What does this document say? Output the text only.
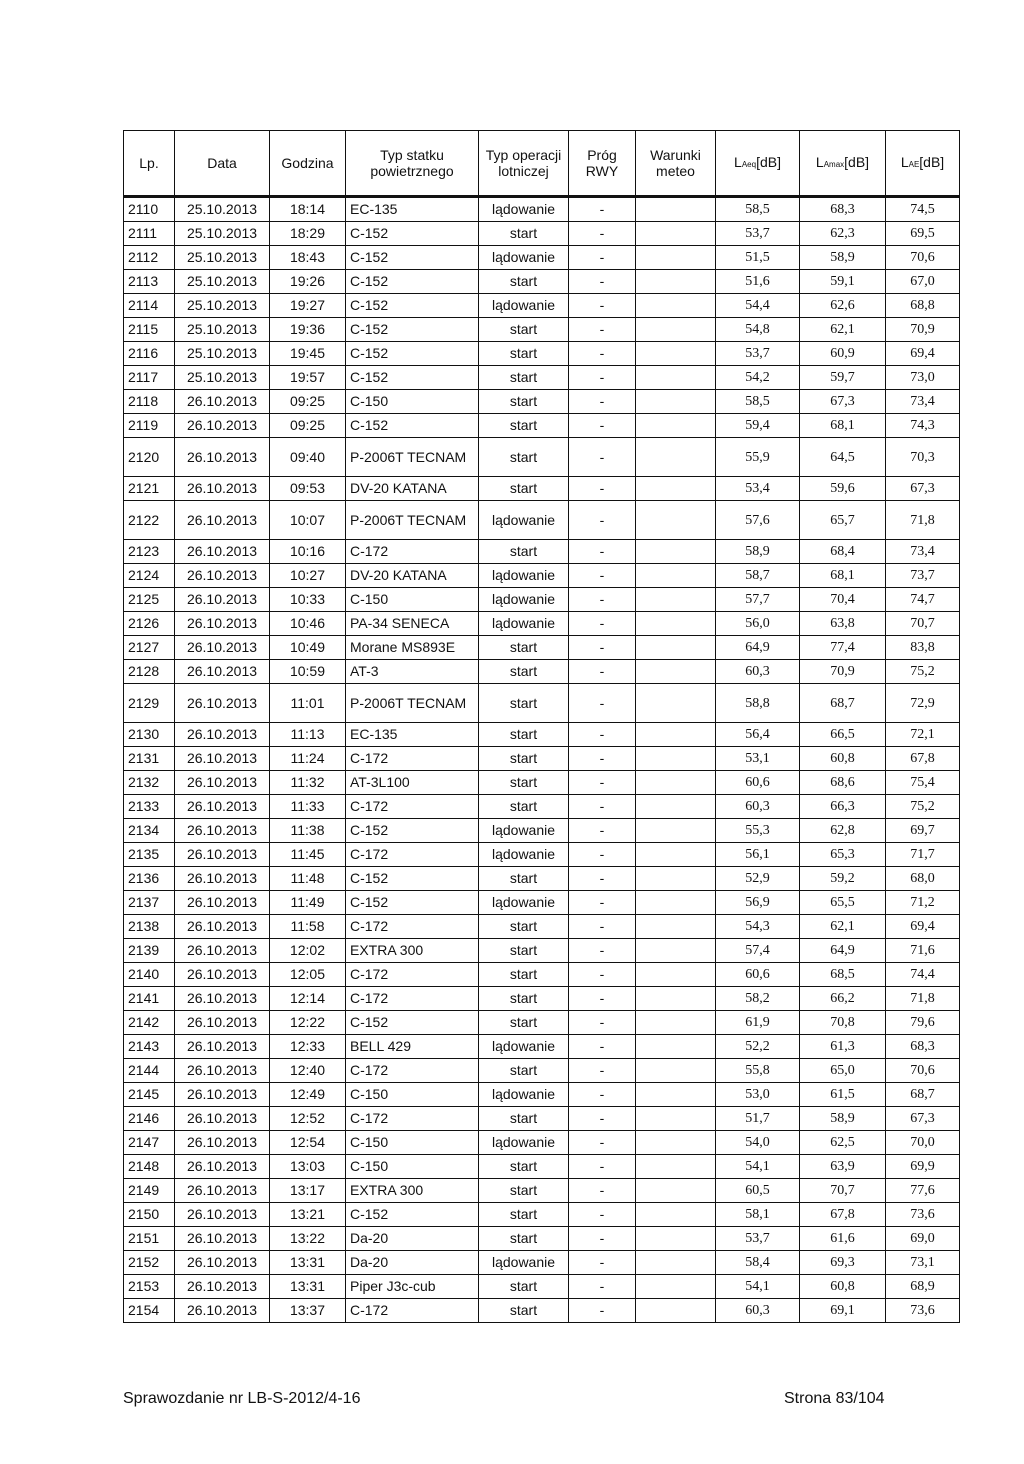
Lp.	Data	Godzina	Typ statku powietrznego	Typ operacji lotniczej	Próg RWY	Warunki meteo	LAeq[dB]	LAmax[dB]	LAE[dB]
2110	25.10.2013	18:14	EC-135	lądowanie	-		58,5	68,3	74,5
2111	25.10.2013	18:29	C-152	start	-		53,7	62,3	69,5
2112	25.10.2013	18:43	C-152	lądowanie	-		51,5	58,9	70,6
2113	25.10.2013	19:26	C-152	start	-		51,6	59,1	67,0
2114	25.10.2013	19:27	C-152	lądowanie	-		54,4	62,6	68,8
2115	25.10.2013	19:36	C-152	start	-		54,8	62,1	70,9
2116	25.10.2013	19:45	C-152	start	-		53,7	60,9	69,4
2117	25.10.2013	19:57	C-152	start	-		54,2	59,7	73,0
2118	26.10.2013	09:25	C-150	start	-		58,5	67,3	73,4
2119	26.10.2013	09:25	C-152	start	-		59,4	68,1	74,3
2120	26.10.2013	09:40	P-2006T TECNAM	start	-		55,9	64,5	70,3
2121	26.10.2013	09:53	DV-20 KATANA	start	-		53,4	59,6	67,3
2122	26.10.2013	10:07	P-2006T TECNAM	lądowanie	-		57,6	65,7	71,8
2123	26.10.2013	10:16	C-172	start	-		58,9	68,4	73,4
2124	26.10.2013	10:27	DV-20 KATANA	lądowanie	-		58,7	68,1	73,7
2125	26.10.2013	10:33	C-150	lądowanie	-		57,7	70,4	74,7
2126	26.10.2013	10:46	PA-34 SENECA	lądowanie	-		56,0	63,8	70,7
2127	26.10.2013	10:49	Morane MS893E	start	-		64,9	77,4	83,8
2128	26.10.2013	10:59	AT-3	start	-		60,3	70,9	75,2
2129	26.10.2013	11:01	P-2006T TECNAM	start	-		58,8	68,7	72,9
2130	26.10.2013	11:13	EC-135	start	-		56,4	66,5	72,1
2131	26.10.2013	11:24	C-172	start	-		53,1	60,8	67,8
2132	26.10.2013	11:32	AT-3L100	start	-		60,6	68,6	75,4
2133	26.10.2013	11:33	C-172	start	-		60,3	66,3	75,2
2134	26.10.2013	11:38	C-152	lądowanie	-		55,3	62,8	69,7
2135	26.10.2013	11:45	C-172	lądowanie	-		56,1	65,3	71,7
2136	26.10.2013	11:48	C-152	start	-		52,9	59,2	68,0
2137	26.10.2013	11:49	C-152	lądowanie	-		56,9	65,5	71,2
2138	26.10.2013	11:58	C-172	start	-		54,3	62,1	69,4
2139	26.10.2013	12:02	EXTRA 300	start	-		57,4	64,9	71,6
2140	26.10.2013	12:05	C-172	start	-		60,6	68,5	74,4
2141	26.10.2013	12:14	C-172	start	-		58,2	66,2	71,8
2142	26.10.2013	12:22	C-152	start	-		61,9	70,8	79,6
2143	26.10.2013	12:33	BELL 429	lądowanie	-		52,2	61,3	68,3
2144	26.10.2013	12:40	C-172	start	-		55,8	65,0	70,6
2145	26.10.2013	12:49	C-150	lądowanie	-		53,0	61,5	68,7
2146	26.10.2013	12:52	C-172	start	-		51,7	58,9	67,3
2147	26.10.2013	12:54	C-150	lądowanie	-		54,0	62,5	70,0
2148	26.10.2013	13:03	C-150	start	-		54,1	63,9	69,9
2149	26.10.2013	13:17	EXTRA 300	start	-		60,5	70,7	77,6
2150	26.10.2013	13:21	C-152	start	-		58,1	67,8	73,6
2151	26.10.2013	13:22	Da-20	start	-		53,7	61,6	69,0
2152	26.10.2013	13:31	Da-20	lądowanie	-		58,4	69,3	73,1
2153	26.10.2013	13:31	Piper J3c-cub	start	-		54,1	60,8	68,9
2154	26.10.2013	13:37	C-172	start	-		60,3	69,1	73,6
Sprawozdanie nr LB-S-2012/4-16	Strona 83/104
